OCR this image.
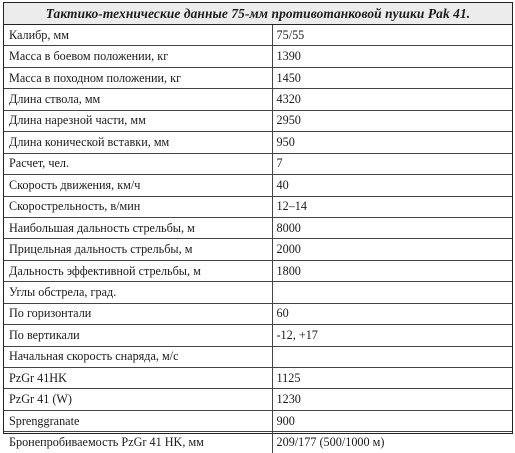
Тактико-технические данные 75-мм противотанковой пушки Pak 41.	
Калибр, мм	75/55
Масса в боевом положении, кг	1390
Масса в походном положении, кг	1450
Длина ствола, мм	4320
Длина нарезной части, мм	2950
Длина конической вставки, мм	950
Расчет, чел.	7
Скорость движения, км/ч	40
Скорострельность, в/мин	12–14
Наибольшая дальность стрельбы, м	8000
Прицельная дальность стрельбы, м	2000
Дальность эффективной стрельбы, м	1800
Углы обстрела, град.	
По горизонтали	60
По вертикали	-12, +17
Начальная скорость снаряда, м/с	
PzGr 41HK	1125
PzGr 41 (W)	1230
Sprenggranate	900
Бронепробиваемость PzGr 41 HK, мм	209/177 (500/1000 м)
